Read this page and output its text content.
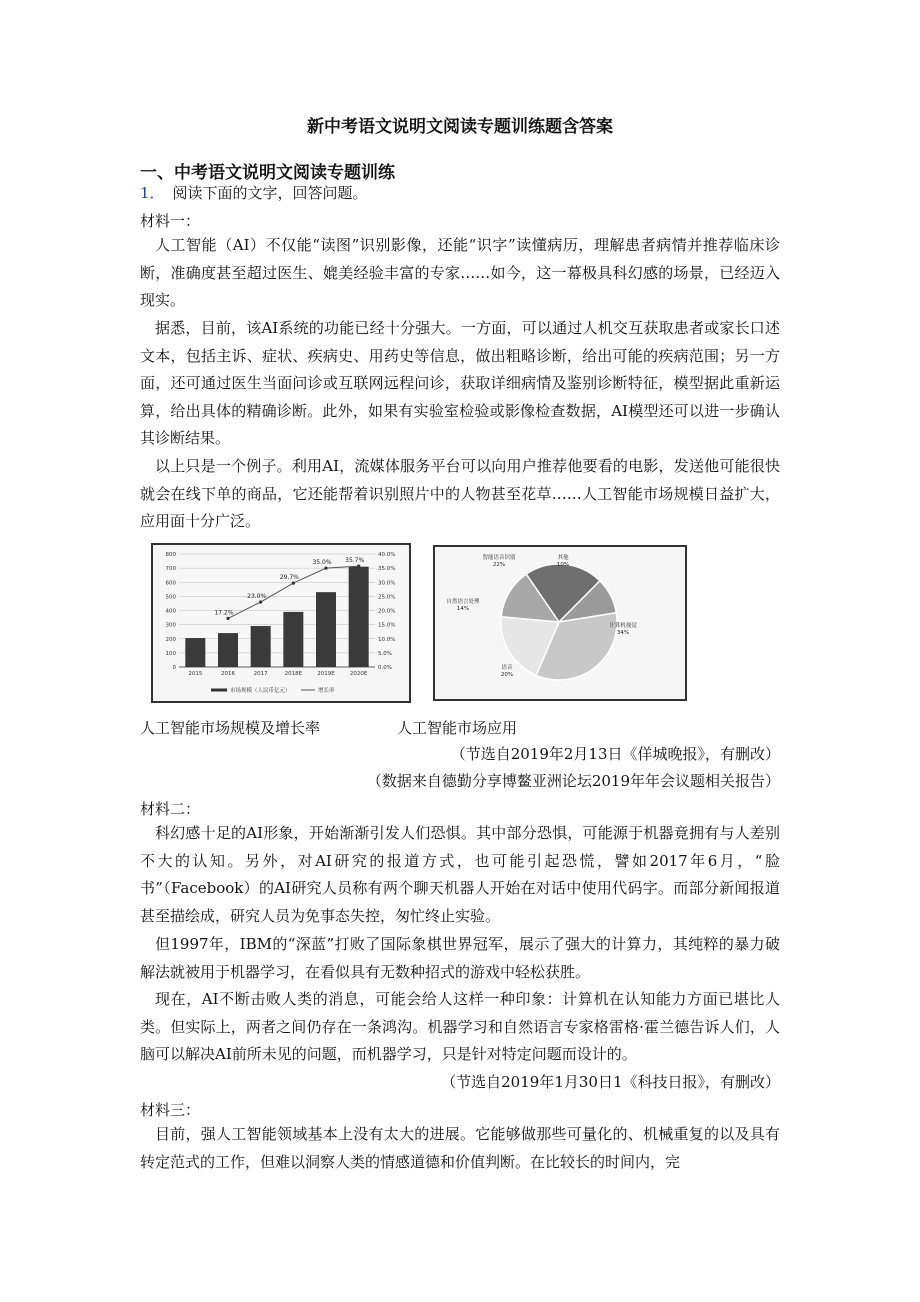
新中考语文说明文阅读专题训练题含答案
一、中考语文说明文阅读专题训练
1． 阅读下面的文字，回答问题。
材料一：
人工智能（AI）不仅能“读图”识别影像，还能“识字”读懂病历，理解患者病情并推荐临床诊断，准确度甚至超过医生、媲美经验丰富的专家……如今，这一幕极具科幻感的场景，已经迈入现实。
据悉，目前，该AI系统的功能已经十分强大。一方面，可以通过人机交互获取患者或家长口述文本，包括主诉、症状、疾病史、用药史等信息，做出粗略诊断，给出可能的疾病范围；另一方面，还可通过医生当面问诊或互联网远程问诊，获取详细病情及鉴别诊断特征，模型据此重新运算，给出具体的精确诊断。此外，如果有实验室检验或影像检查数据，AI模型还可以进一步确认其诊断结果。
以上只是一个例子。利用AI，流媒体服务平台可以向用户推荐他要看的电影，发送他可能很快就会在线下单的商品，它还能帮着识别照片中的人物甚至花草……人工智能市场规模日益扩大，应用面十分广泛。
800
700
600
500
400
300
200
100
0
40.0%
35.0%
30.0%
25.0%
20.0%
15.0%
10.0%
5.0%
0.0%
2015	2016	2017	2018E	2019E	2020E
17.2%
23.0%
29.7%
35.0% 35.7%
市场规模（人民币亿元）	增长率
智能语音识别
22%
其他
10%
计算机视觉
34%
语音
20%
自然语言处理
14%
人工智能市场规模及增长率	人工智能市场应用
（节选自2019年2月13日《佯城晚报》，有删改）
（数据来自德勤分享博鳌亚洲论坛2019年年会议题相关报告）
材料二：
科幻感十足的AI形象，开始渐渐引发人们恐惧。其中部分恐惧，可能源于机器竟拥有与人差别不大的认知。另外，对AI研究的报道方式，也可能引起恐慌，譬如2017年6月，“脸书”（Facebook）的AI研究人员称有两个聊天机器人开始在对话中使用代码字。而部分新闻报道甚至描绘成，研究人员为免事态失控，匆忙终止实验。
但1997年，IBM的“深蓝”打败了国际象棋世界冠军，展示了强大的计算力，其纯粹的暴力破解法就被用于机器学习，在看似具有无数种招式的游戏中轻松获胜。
现在，AI不断击败人类的消息，可能会给人这样一种印象：计算机在认知能力方面已堪比人类。但实际上，两者之间仍存在一条鸿沟。机器学习和自然语言专家格雷格·霍兰德告诉人们，人脑可以解决AI前所未见的问题，而机器学习，只是针对特定问题而设计的。
（节选自2019年1月30日1《科技日报》，有删改）
材料三：
目前，强人工智能领域基本上没有太大的进展。它能够做那些可量化的、机械重复的以及具有转定范式的工作，但难以洞察人类的情感道德和价值判断。在比较长的时间内，完
